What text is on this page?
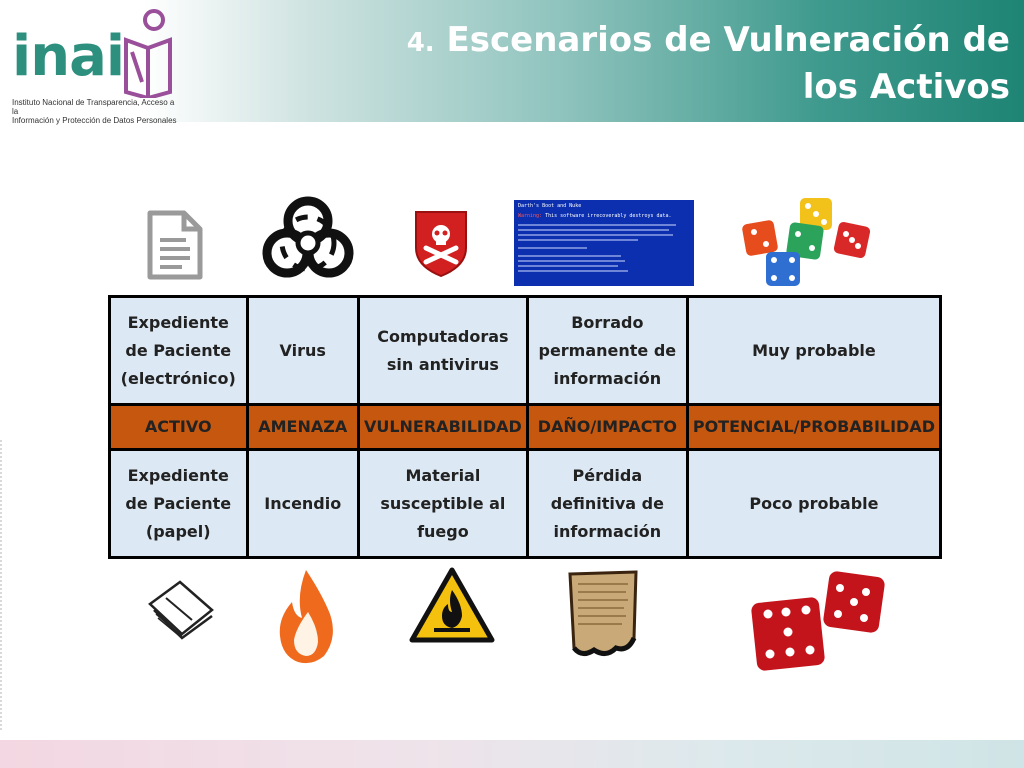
inai
Instituto Nacional de Transparencia, Acceso a la
Información y Protección de Datos Personales
4. Escenarios de Vulneración de los Activos
Darth's Boot and Nuke
Warning: This software irrecoverably destroys data.
Expediente de Paciente (electrónico)	Virus	Computadoras sin antivirus	Borrado permanente de información	Muy probable
ACTIVO	AMENAZA	VULNERABILIDAD	DAÑO/IMPACTO	POTENCIAL/PROBABILIDAD
Expediente de Paciente (papel)	Incendio	Material susceptible al fuego	Pérdida definitiva de información	Poco probable
